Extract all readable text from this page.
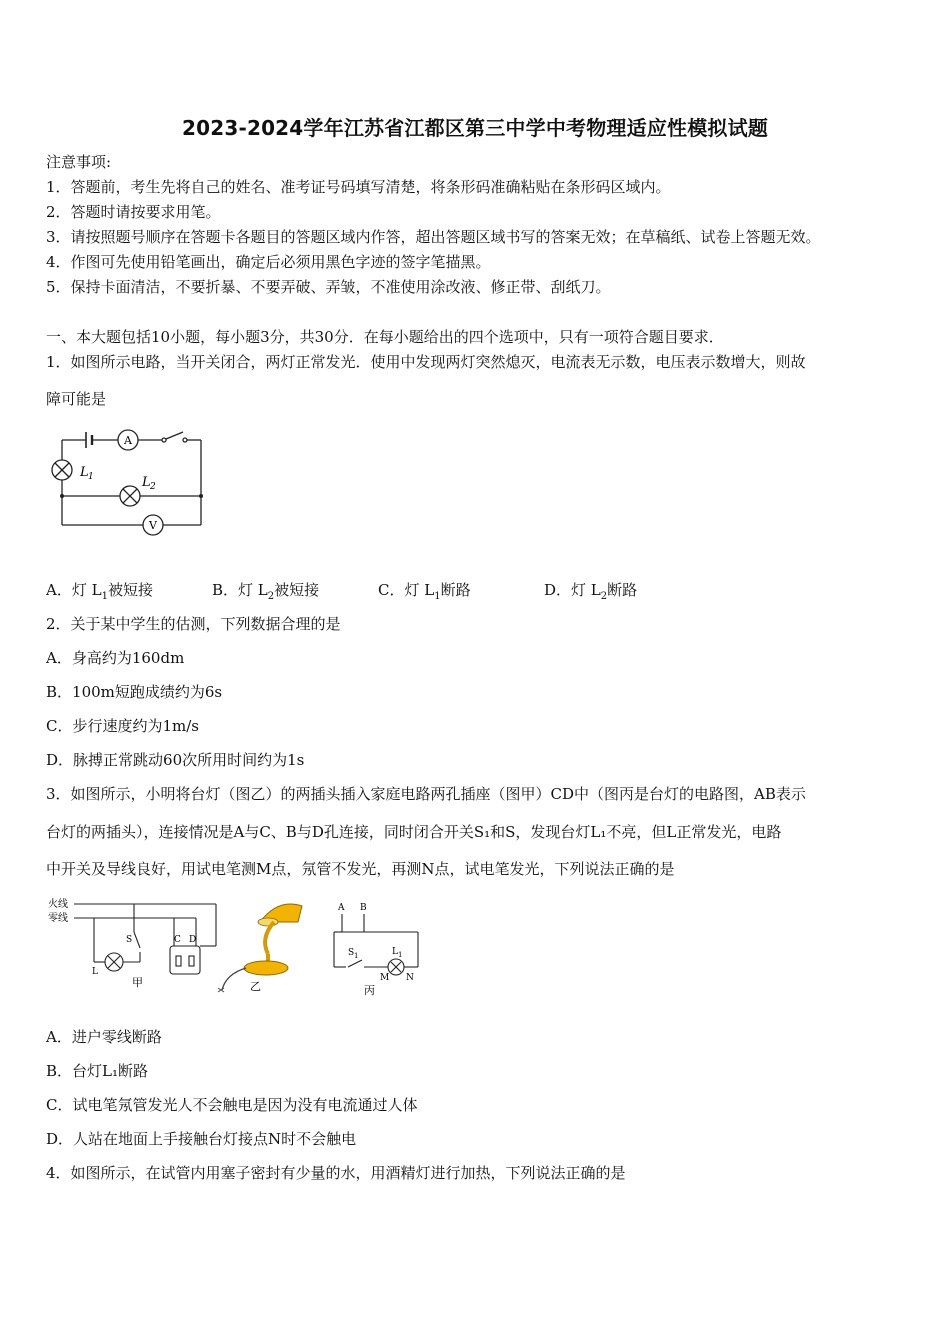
2023-2024学年江苏省江都区第三中学中考物理适应性模拟试题
注意事项:
1．答题前，考生先将自己的姓名、准考证号码填写清楚，将条形码准确粘贴在条形码区域内。
2．答题时请按要求用笔。
3．请按照题号顺序在答题卡各题目的答题区域内作答，超出答题区域书写的答案无效；在草稿纸、试卷上答题无效。
4．作图可先使用铅笔画出，确定后必须用黑色字迹的签字笔描黑。
5．保持卡面清洁，不要折暴、不要弄破、弄皱，不准使用涂改液、修正带、刮纸刀。
一、本大题包括10小题，每小题3分，共30分．在每小题给出的四个选项中，只有一项符合题目要求．
1．如图所示电路，当开关闭合，两灯正常发光．使用中发现两灯突然熄灭，电流表无示数，电压表示数增大，则故
障可能是
A
V
L 1	L 2
A．灯 $L_1$被短接	B．灯 $L_2$被短接	C．灯 $L_1$断路	D．灯 $L_2$断路
2．关于某中学生的估测，下列数据合理的是
A．身高约为160dm
B．100m短跑成绩约为6s
C．步行速度约为1m/s
D．脉搏正常跳动60次所用时间约为1s
3．如图所示，小明将台灯（图乙）的两插头插入家庭电路两孔插座（图甲）CD中（图丙是台灯的电路图，AB表示
台灯的两插头），连接情况是A与C、B与D孔连接，同时闭合开关S₁和S，发现台灯L₁不亮，但L正常发光，电路
中开关及导线良好，用试电笔测M点，氖管不发光，再测N点，试电笔发光，下列说法正确的是
火线
零线
S	C D
L
甲	乙
A B
S 1	L 1
M N
丙
A．进户零线断路
B．台灯L₁断路
C．试电笔氖管发光人不会触电是因为没有电流通过人体
D．人站在地面上手接触台灯接点N时不会触电
4．如图所示，在试管内用塞子密封有少量的水，用酒精灯进行加热，下列说法正确的是
